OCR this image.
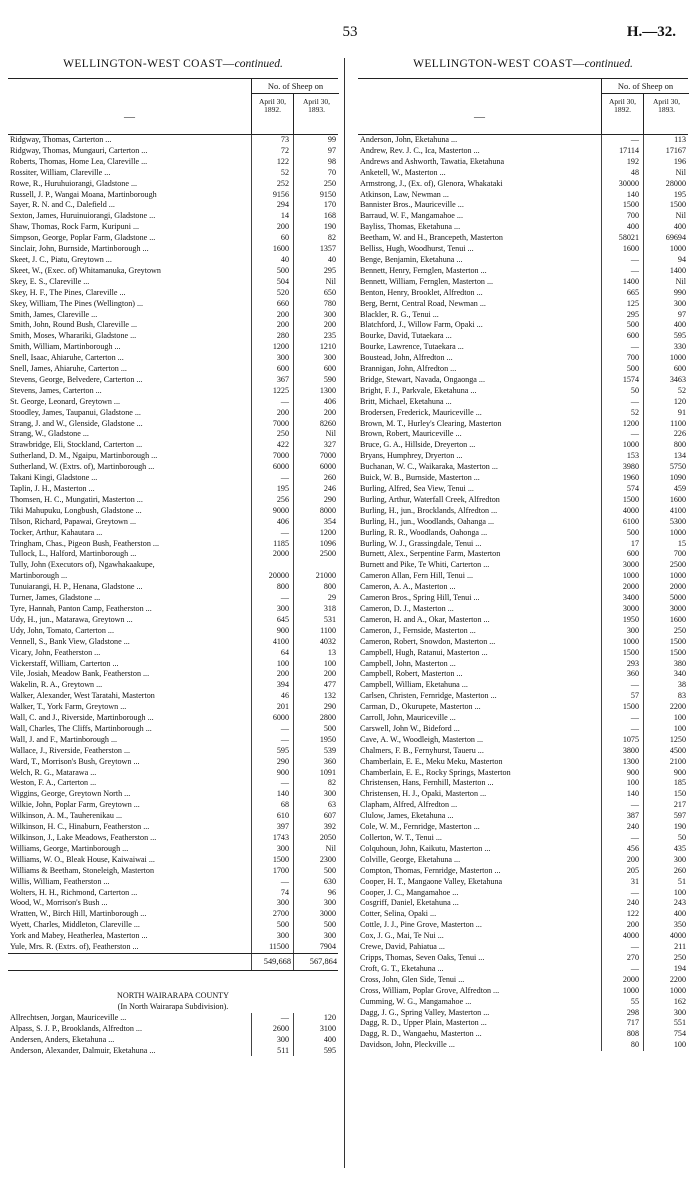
53	H.—32.
WELLINGTON-WEST COAST—continued.
—
No. of Sheep on
April 30, 1892.
April 30, 1893.
Ridgway, Thomas, Carterton ...	73	99
Ridgway, Thomas, Mungauri, Carterton ...	72	97
Roberts, Thomas, Home Lea, Clareville ...	122	98
Rossiter, William, Clareville ...	52	70
Rowe, R., Huruhuiorangi, Gladstone ...	252	250
Russell, J. P., Wangai Moana, Martinborough	9156	9150
Sayer, R. N. and C., Dalefield ...	294	170
Sexton, James, Huruinuiorangi, Gladstone ...	14	168
Shaw, Thomas, Rock Farm, Kuripuni ...	200	190
Simpson, George, Poplar Farm, Gladstone ...	60	82
Sinclair, John, Burnside, Martinborough ...	1600	1357
Skeet, J. C., Piatu, Greytown ...	40	40
Skeet, W., (Exec. of) Whitamanuka, Greytown	500	295
Skey, E. S., Clareville ...	504	Nil
Skey, H. F., The Pines, Clareville ...	520	650
Skey, William, The Pines (Wellington) ...	660	780
Smith, James, Clareville ...	200	300
Smith, John, Round Bush, Clareville ...	200	200
Smith, Moses, Wharariki, Gladstone ...	280	235
Smith, William, Martinborough ...	1200	1210
Snell, Isaac, Ahiaruhe, Carterton ...	300	300
Snell, James, Ahiaruhe, Carterton ...	600	600
Stevens, George, Belvedere, Carterton ...	367	590
Stevens, James, Carterton ...	1225	1300
St. George, Leonard, Greytown ...	—	406
Stoodley, James, Taupanui, Gladstone ...	200	200
Strang, J. and W., Glenside, Gladstone ...	7000	8260
Strang, W., Gladstone ...	250	Nil
Strawbridge, Eli, Stockland, Carterton ...	422	327
Sutherland, D. M., Ngaipu, Martinborough ...	7000	7000
Sutherland, W. (Extrs. of), Martinborough ...	6000	6000
Takani Kingi, Gladstone ...	—	260
Taplin, J. H., Masterton ...	195	246
Thomsen, H. C., Mungatiri, Masterton ...	256	290
Tiki Mahupuku, Longbush, Gladstone ...	9000	8000
Tilson, Richard, Papawai, Greytown ...	406	354
Tocker, Arthur, Kahautara ...	—	1200
Tringham, Chas., Pigeon Bush, Featherston ...	1185	1096
Tullock, L., Halford, Martinborough ...	2000	2500
Tully, John (Executors of), Ngawhakaakupe,
Martinborough ...	20000	21000
Tunuiarangi, H. P., Henana, Gladstone ...	800	800
Turner, James, Gladstone ...	—	29
Tyre, Hannah, Panton Camp, Featherston ...	300	318
Udy, H., jun., Matarawa, Greytown ...	645	531
Udy, John, Tomato, Carterton ...	900	1100
Vennell, S., Bank View, Gladstone ...	4100	4032
Vicary, John, Featherston ...	64	13
Vickerstaff, William, Carterton ...	100	100
Vile, Josiah, Meadow Bank, Featherston ...	200	200
Wakelin, R. A., Greytown ...	394	477
Walker, Alexander, West Taratahi, Masterton	46	132
Walker, T., York Farm, Greytown ...	201	290
Wall, C. and J., Riverside, Martinborough ...	6000	2800
Wall, Charles, The Cliffs, Martinborough ...	—	500
Wall, J. and F., Martinborough ...	—	1950
Wallace, J., Riverside, Featherston ...	595	539
Ward, T., Morrison's Bush, Greytown ...	290	360
Welch, R. G., Matarawa ...	900	1091
Weston, F. A., Carterton ...	—	82
Wiggins, George, Greytown North ...	140	300
Wilkie, John, Poplar Farm, Greytown ...	68	63
Wilkinson, A. M., Tauherenikau ...	610	607
Wilkinson, H. C., Hinaburn, Featherston ...	397	392
Wilkinson, J., Lake Meadows, Featherston ...	1743	2050
Williams, George, Martinborough ...	300	Nil
Williams, W. O., Bleak House, Kaiwaiwai ...	1500	2300
Williams & Beetham, Stoneleigh, Masterton	1700	500
Willis, William, Featherston ...	—	630
Wolters, H. H., Richmond, Carterton ...	74	96
Wood, W., Morrison's Bush ...	300	300
Wratten, W., Birch Hill, Martinborough ...	2700	3000
Wyett, Charles, Middleton, Clareville ...	500	500
York and Mabey, Heatherlea, Masterton ...	300	300
Yule, Mrs. R. (Extrs. of), Featherston ...	11500	7904
549,668	567,864
NORTH WAIRARAPA COUNTY
(In North Wairarapa Subdivision).
Allrechtsen, Jorgan, Mauriceville ...	—	120
Alpass, S. J. P., Brooklands, Alfredton ...	2600	3100
Andersen, Anders, Eketahuna ...	300	400
Anderson, Alexander, Dalmuir, Eketahuna ...	511	595
WELLINGTON-WEST COAST—continued.
—
No. of Sheep on
April 30, 1892.
April 30, 1893.
Anderson, John, Eketahuna ...	—	113
Andrew, Rev. J. C., Ica, Masterton ...	17114	17167
Andrews and Ashworth, Tawatia, Eketahuna	192	196
Anketell, W., Masterton ...	48	Nil
Armstrong, J., (Ex. of), Glenora, Whakataki	30000	28000
Atkinson, Law, Newman ...	140	195
Bannister Bros., Mauriceville ...	1500	1500
Barraud, W. F., Mangamahoe ...	700	Nil
Bayliss, Thomas, Eketahuna ...	400	400
Beetham, W. and H., Brancepeth, Masterton	58021	69694
Belliss, Hugh, Woodhurst, Tenui ...	1600	1000
Benge, Benjamin, Eketahuna ...	—	94
Bennett, Henry, Fernglen, Masterton ...	—	1400
Bennett, William, Fernglen, Masterton ...	1400	Nil
Benton, Henry, Brooklet, Alfredton ...	665	990
Berg, Bernt, Central Road, Newman ...	125	300
Blackler, R. G., Tenui ...	295	97
Blatchford, J., Willow Farm, Opaki ...	500	400
Bourke, David, Tutaekara ...	600	595
Bourke, Lawrence, Tutaekara ...	—	330
Boustead, John, Alfredton ...	700	1000
Brannigan, John, Alfredton ...	500	600
Bridge, Stewart, Navada, Ongaonga ...	1574	3463
Bright, F. J., Parkvale, Eketahuna ...	50	52
Britt, Michael, Eketahuna ...	—	120
Brodersen, Frederick, Mauriceville ...	52	91
Brown, M. T., Hurley's Clearing, Masterton	1200	1100
Brown, Robert, Mauriceville ...	—	226
Bruce, G. A., Hillside, Dreyerton ...	1000	800
Bryans, Humphrey, Dryerton ...	153	134
Buchanan, W. C., Waikaraka, Masterton ...	3980	5750
Buick, W. B., Burnside, Masterton ...	1960	1090
Burling, Alfred, Sea View, Tenui ...	574	459
Burling, Arthur, Waterfall Creek, Alfredton	1500	1600
Burling, H., jun., Brocklands, Alfredton ...	4000	4100
Burling, H., jun., Woodlands, Oahanga ...	6100	5300
Burling, R. R., Woodlands, Oahonga ...	500	1000
Burling, W. J., Grassingdale, Tenui ...	17	15
Burnett, Alex., Serpentine Farm, Masterton	600	700
Burnett and Pike, Te Whiti, Carterton ...	3000	2500
Cameron Allan, Fern Hill, Tenui ...	1000	1000
Cameron, A. A., Masterton ...	2000	2000
Cameron Bros., Spring Hill, Tenui ...	3400	5000
Cameron, D. J., Masterton ...	3000	3000
Cameron, H. and A., Okar, Masterton ...	1950	1600
Cameron, J., Fernside, Masterton ...	300	250
Cameron, Robert, Snowdon, Masterton ...	1000	1500
Campbell, Hugh, Ratanui, Masterton ...	1500	1500
Campbell, John, Masterton ...	293	380
Campbell, Robert, Masterton ...	360	340
Campbell, William, Eketahuna ...	—	38
Carlsen, Christen, Fernridge, Masterton ...	57	83
Carman, D., Okurupete, Masterton ...	1500	2200
Carroll, John, Mauriceville ...	—	100
Carswell, John W., Bideford ...	—	100
Cave, A. W., Woodleigh, Masterton ...	1075	1250
Chalmers, F. B., Fernyhurst, Taueru ...	3800	4500
Chamberlain, E. E., Meku Meku, Masterton	1300	2100
Chamberlain, E. E., Rocky Springs, Masterton	900	900
Christensen, Hans, Fernhill, Masterton ...	100	185
Christensen, H. J., Opaki, Masterton ...	140	150
Clapham, Alfred, Alfredton ...	—	217
Clulow, James, Eketahuna ...	387	597
Cole, W. M., Fernridge, Masterton ...	240	190
Collerton, W. T., Tenui ...	—	50
Colquhoun, John, Kaikutu, Masterton ...	456	435
Colville, George, Eketahuna ...	200	300
Compton, Thomas, Fernridge, Masterton ...	205	260
Cooper, H. T., Mangaone Valley, Eketahuna	31	51
Cooper, J. C., Mangamahoe ...	—	100
Cosgriff, Daniel, Eketahuna ...	240	243
Cotter, Selina, Opaki ...	122	400
Cottle, J. J., Pine Grove, Masterton ...	200	350
Cox, J. G., Mai, Te Nui ...	4000	4000
Crewe, David, Pahiatua ...	—	211
Cripps, Thomas, Seven Oaks, Tenui ...	270	250
Croft, G. T., Eketahuna ...	—	194
Cross, John, Glen Side, Tenui ...	2000	2200
Cross, William, Poplar Grove, Alfredton ...	1000	1000
Cumming, W. G., Mangamahoe ...	55	162
Dagg, J. G., Spring Valley, Masterton ...	298	300
Dagg, R. D., Upper Plain, Masterton ...	717	551
Dagg, R. D., Wangaehu, Masterton ...	808	754
Davidson, John, Pleckville ...	80	100
